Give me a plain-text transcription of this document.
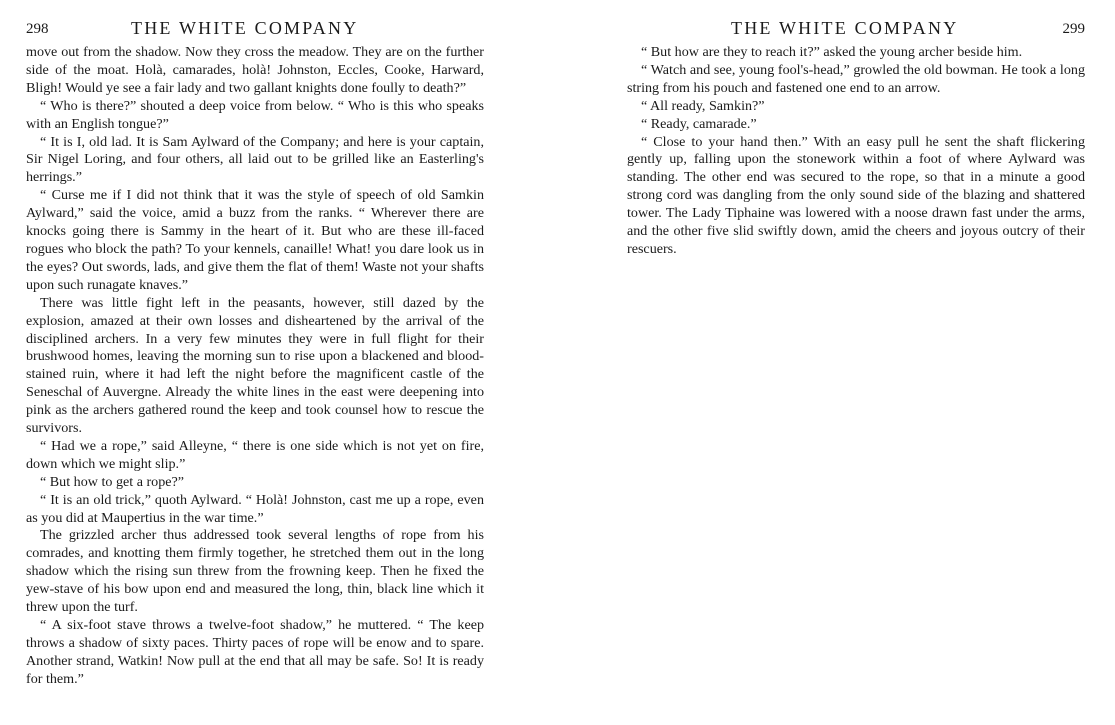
298	THE WHITE COMPANY

move out from the shadow. Now they cross the meadow. They are on the further side of the moat. Holà, camarades, holà! Johnston, Eccles, Cooke, Harward, Bligh! Would ye see a fair lady and two gallant knights done foully to death?”

“ Who is there?” shouted a deep voice from below. “ Who is this who speaks with an English tongue?”

“ It is I, old lad. It is Sam Aylward of the Company; and here is your captain, Sir Nigel Loring, and four others, all laid out to be grilled like an Easterling's herrings.”

“ Curse me if I did not think that it was the style of speech of old Samkin Aylward,” said the voice, amid a buzz from the ranks. “ Wherever there are knocks going there is Sammy in the heart of it. But who are these ill-faced rogues who block the path? To your kennels, canaille! What! you dare look us in the eyes? Out swords, lads, and give them the flat of them! Waste not your shafts upon such runagate knaves.”

There was little fight left in the peasants, however, still dazed by the explosion, amazed at their own losses and disheartened by the arrival of the disciplined archers. In a very few minutes they were in full flight for their brushwood homes, leaving the morning sun to rise upon a blackened and blood-stained ruin, where it had left the night before the magnificent castle of the Seneschal of Auvergne. Already the white lines in the east were deepening into pink as the archers gathered round the keep and took counsel how to rescue the survivors.

“ Had we a rope,” said Alleyne, “ there is one side which is not yet on fire, down which we might slip.”

“ But how to get a rope?”

“ It is an old trick,” quoth Aylward. “ Holà! Johnston, cast me up a rope, even as you did at Maupertius in the war time.”

The grizzled archer thus addressed took several lengths of rope from his comrades, and knotting them firmly together, he stretched them out in the long shadow which the rising sun threw from the frowning keep. Then he fixed the yew-stave of his bow upon end and measured the long, thin, black line which it threw upon the turf.

“ A six-foot stave throws a twelve-foot shadow,” he muttered. “ The keep throws a shadow of sixty paces. Thirty paces of rope will be enow and to spare. Another strand, Watkin! Now pull at the end that all may be safe. So! It is ready for them.”

THE WHITE COMPANY	299

“ But how are they to reach it?” asked the young archer beside him.

“ Watch and see, young fool's-head,” growled the old bowman. He took a long string from his pouch and fastened one end to an arrow.

“ All ready, Samkin?”

“ Ready, camarade.”

“ Close to your hand then.” With an easy pull he sent the shaft flickering gently up, falling upon the stonework within a foot of where Aylward was standing. The other end was secured to the rope, so that in a minute a good strong cord was dangling from the only sound side of the blazing and shattered tower. The Lady Tiphaine was lowered with a noose drawn fast under the arms, and the other five slid swiftly down, amid the cheers and joyous outcry of their rescuers.
